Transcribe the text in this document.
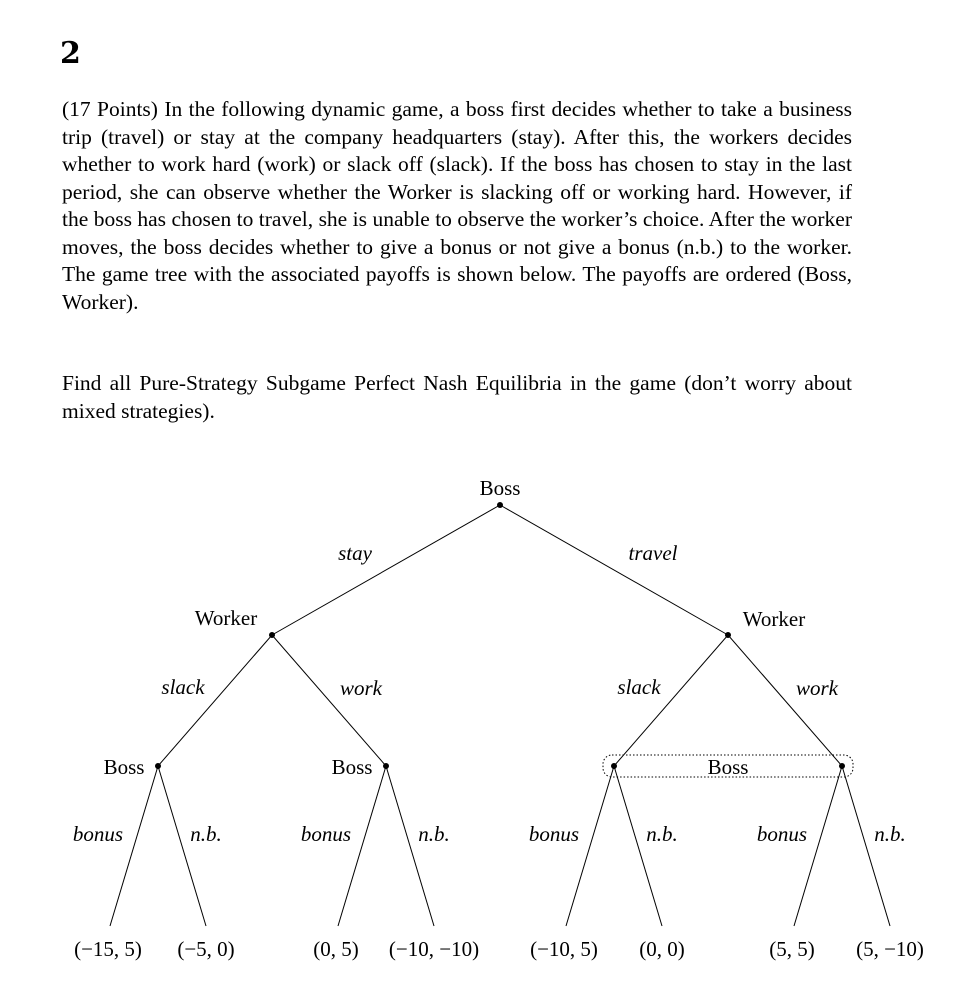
2
(17 Points) In the following dynamic game, a boss first decides whether to take a business trip (travel) or stay at the company headquarters (stay). After this, the workers decides whether to work hard (work) or slack off (slack). If the boss has chosen to stay in the last period, she can observe whether the Worker is slacking off or working hard. However, if the boss has chosen to travel, she is unable to observe the worker’s choice. After the worker moves, the boss decides whether to give a bonus or not give a bonus (n.b.) to the worker. The game tree with the associated payoffs is shown below. The payoffs are ordered (Boss, Worker).
Find all Pure-Strategy Subgame Perfect Nash Equilibria in the game (don’t worry about mixed strategies).
Boss
Worker	Worker
Boss	Boss	Boss
stay	travel
slack	work	slack	work
bonus	n.b.	bonus	n.b.	bonus	n.b.	bonus	n.b.
(−15, 5) (−5, 0)	(0, 5) (−10, −10) (−10, 5) (0, 0)	(5, 5) (5, −10)
